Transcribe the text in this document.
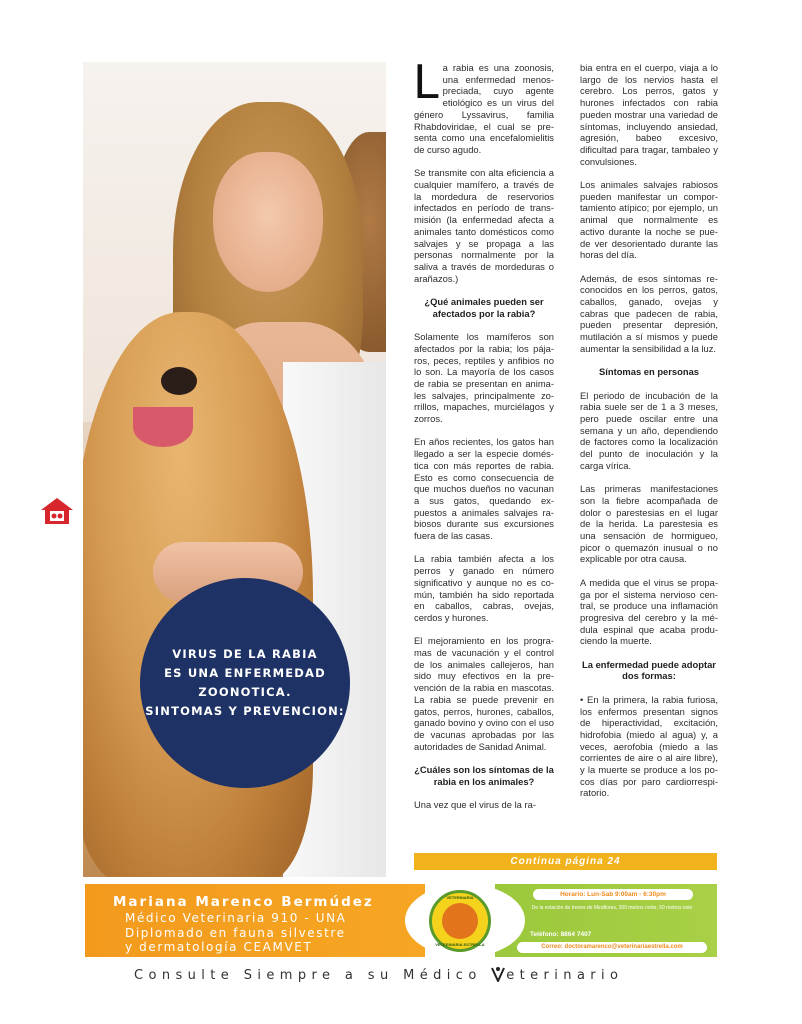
VIRUS DE LA RABIA
ES UNA ENFERMEDAD
ZOONOTICA.
SINTOMAS Y PREVENCION:

La rabia es una zoonosis, una enfermedad menospreciada, cuyo agente etiológico es un virus del género Lyssavirus, familia Rhabdoviridae, el cual se presenta como una encefalomielitis de curso agudo.

Se transmite con alta eficiencia a cualquier mamífero, a través de la mordedura de reservorios infectados en período de transmisión (la enfermedad afecta a animales tanto domésticos como salvajes y se propaga a las personas normalmente por la saliva a través de mordeduras o arañazos.)

¿Qué animales pueden ser afectados por la rabia?

Solamente los mamíferos son afectados por la rabia; los pájaros, peces, reptiles y anfibios no lo son. La mayoría de los casos de rabia se presentan en animales salvajes, principalmente zorrillos, mapaches, murciélagos y zorros.

En años recientes, los gatos han llegado a ser la especie doméstica con más reportes de rabia. Esto es como consecuencia de que muchos dueños no vacunan a sus gatos, quedando expuestos a animales salvajes rabiosos durante sus excursiones fuera de las casas.

La rabia también afecta a los perros y ganado en número significativo y aunque no es común, también ha sido reportada en caballos, cabras, ovejas, cerdos y hurones.

El mejoramiento en los programas de vacunación y el control de los animales callejeros, han sido muy efectivos en la prevención de la rabia en mascotas. La rabia se puede prevenir en gatos, perros, hurones, caballos, ganado bovino y ovino con el uso de vacunas aprobadas por las autoridades de Sanidad Animal.

¿Cuáles son los síntomas de la rabia en los animales?

Una vez que el virus de la ra-

bia entra en el cuerpo, viaja a lo largo de los nervios hasta el cerebro. Los perros, gatos y hurones infectados con rabia pueden mostrar una variedad de síntomas, incluyendo ansiedad, agresión, babeo excesivo, dificultad para tragar, tambaleo y convulsiones.

Los animales salvajes rabiosos pueden manifestar un comportamiento atípico; por ejemplo, un animal que normalmente es activo durante la noche se puede ver desorientado durante las horas del día.

Además, de esos síntomas reconocidos en los perros, gatos, caballos, ganado, ovejas y cabras que padecen de rabia, pueden presentar depresión, mutilación a sí mismos y puede aumentar la sensibilidad a la luz.

Síntomas en personas

El periodo de incubación de la rabia suele ser de 1 a 3 meses, pero puede oscilar entre una semana y un año, dependiendo de factores como la localización del punto de inoculación y la carga vírica.

Las primeras manifestaciones son la fiebre acompañada de dolor o parestesias en el lugar de la herida. La parestesia es una sensación de hormigueo, picor o quemazón inusual o no explicable por otra causa.

A medida que el virus se propaga por el sistema nervioso central, se produce una inflamación progresiva del cerebro y la médula espinal que acaba produciendo la muerte.

La enfermedad puede adoptar dos formas:

• En la primera, la rabia furiosa, los enfermos presentan signos de hiperactividad, excitación, hidrofobia (miedo al agua) y, a veces, aerofobia (miedo a las corrientes de aire o al aire libre), y la muerte se produce a los pocos días por paro cardiorrespiratorio.

Continua página 24
Mariana Marenco Bermúdez
Médico Veterinaria 910 - UNA
Diplomado en fauna silvestre
y dermatología CEAMVET
VETERINARIA
VETERINARIA ESTRELLA
Horario: Lun-Sab 9:00am - 6:30pm
De la estación de trenes de Miraflores, 300 metros norte, 50 metros este
Teléfono: 8864 7407
Correo: doctoramarenco@veterinariaestrella.com
Consulte Siempre a su Médico eterinario
